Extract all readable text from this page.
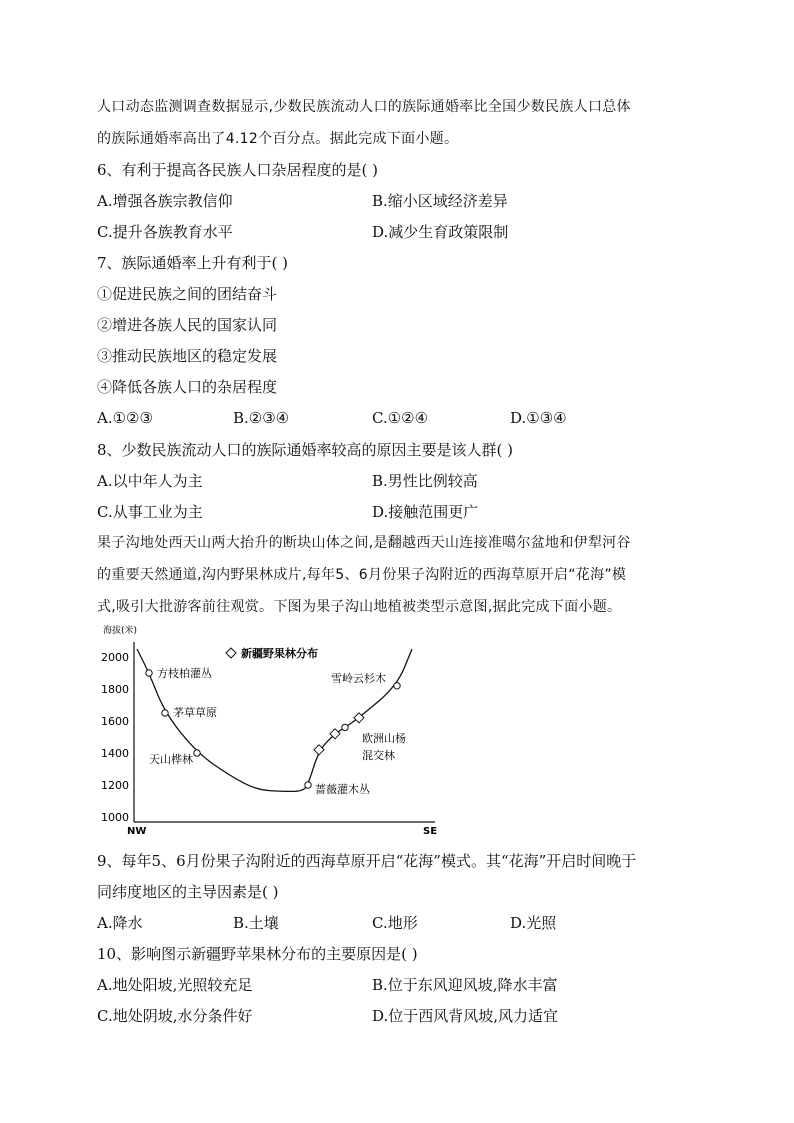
人口动态监测调查数据显示,少数民族流动人口的族际通婚率比全国少数民族人口总体
的族际通婚率高出了4.12个百分点。据此完成下面小题。
6、有利于提高各民族人口杂居程度的是( )
A.增强各族宗教信仰	B.缩小区域经济差异
C.提升各族教育水平	D.减少生育政策限制
7、族际通婚率上升有利于( )
①促进民族之间的团结奋斗
②增进各族人民的国家认同
③推动民族地区的稳定发展
④降低各族人口的杂居程度
A.①②③	B.②③④	C.①②④	D.①③④
8、少数民族流动人口的族际通婚率较高的原因主要是该人群( )
A.以中年人为主	B.男性比例较高
C.从事工业为主	D.接触范围更广
果子沟地处西天山两大抬升的断块山体之间,是翻越西天山连接准噶尔盆地和伊犁河谷
的重要天然通道,沟内野果林成片,每年5、6月份果子沟附近的西海草原开启“花海”模
式,吸引大批游客前往观赏。下图为果子沟山地植被类型示意图,据此完成下面小题。
海拔(米)
NW	SE
新疆野果林分布
2000
1800
1600
1400
1200
1000
方枝柏灌丛
茅草草原
天山桦林
蔷薇灌木丛
欧洲山杨
混交林
雪岭云杉木
9、每年5、6月份果子沟附近的西海草原开启“花海”模式。其“花海”开启时间晚于
同纬度地区的主导因素是( )
A.降水	B.土壤	C.地形	D.光照
10、影响图示新疆野苹果林分布的主要原因是( )
A.地处阳坡,光照较充足	B.位于东风迎风坡,降水丰富
C.地处阴坡,水分条件好	D.位于西风背风坡,风力适宜
